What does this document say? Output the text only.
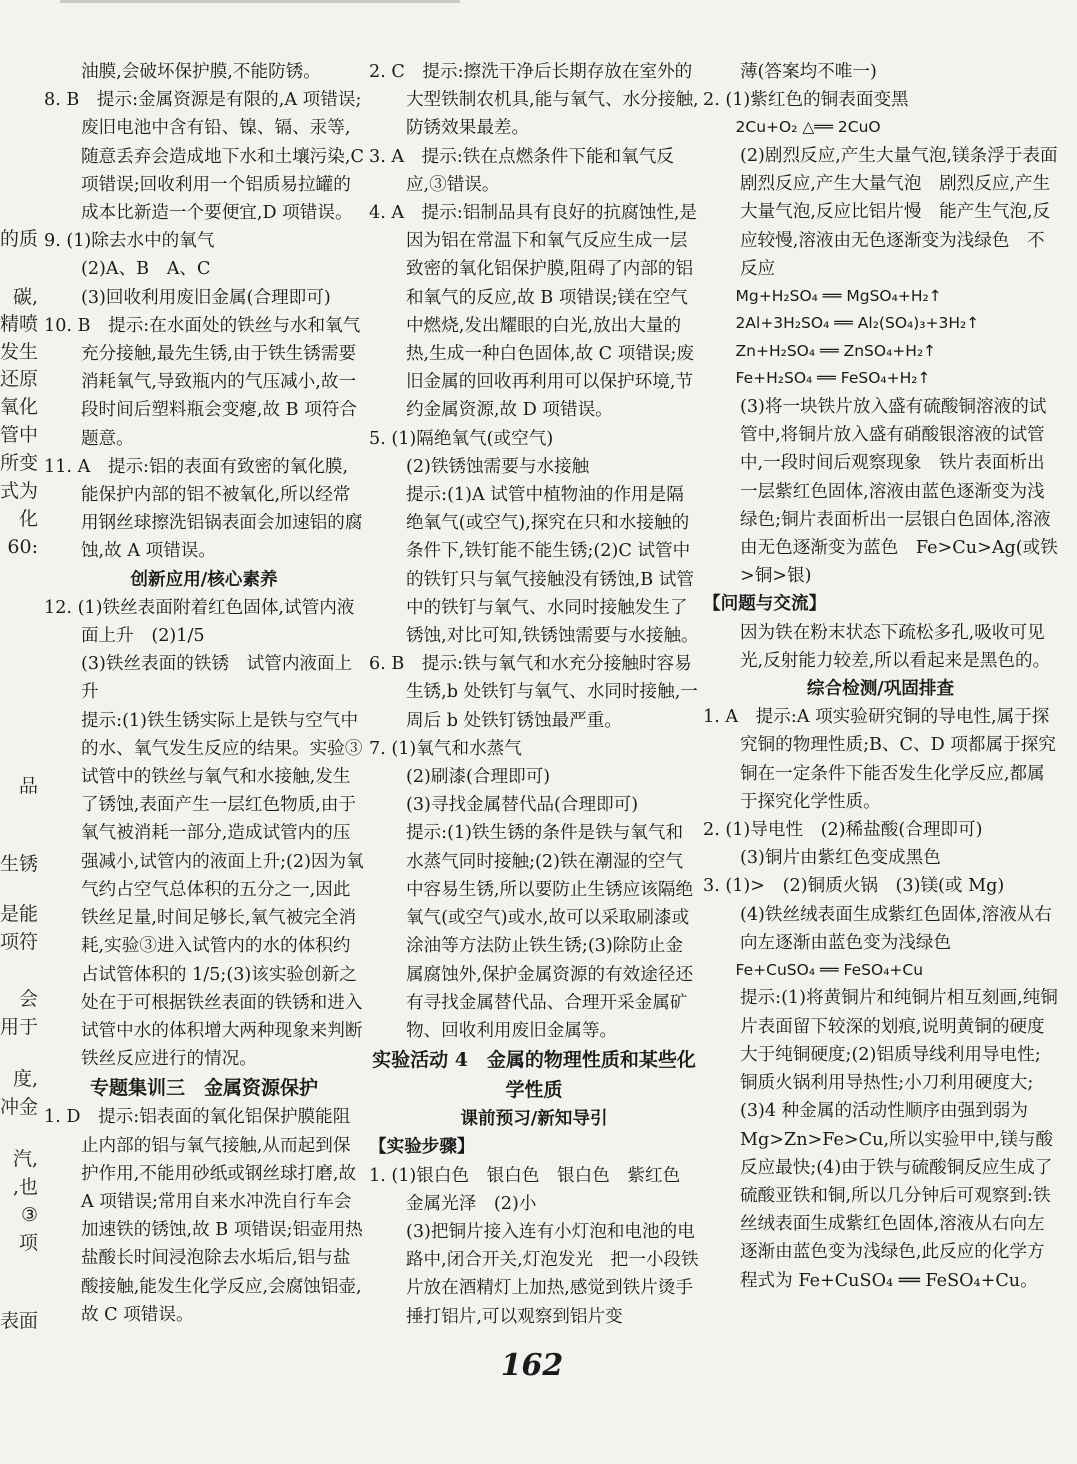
的质
碳,
精喷
发生
还原
氧化
管中
所变
式为
化
60:
品
生锈
是能
项符
会
用于
度,
冲金
汽,
,也
③
项
表面

油膜,会破坏保护膜,不能防锈。

8. B　提示:金属资源是有限的,A 项错误;废旧电池中含有铅、镍、镉、汞等,随意丢弃会造成地下水和土壤污染,C 项错误;回收利用一个铝质易拉罐的成本比新造一个要便宜,D 项错误。

9. (1)除去水中的氧气

(2)A、B　A、C

(3)回收利用废旧金属(合理即可)

10. B　提示:在水面处的铁丝与水和氧气充分接触,最先生锈,由于铁生锈需要消耗氧气,导致瓶内的气压减小,故一段时间后塑料瓶会变瘪,故 B 项符合题意。

11. A　提示:铝的表面有致密的氧化膜,能保护内部的铝不被氧化,所以经常用钢丝球擦洗铝锅表面会加速铝的腐蚀,故 A 项错误。

创新应用/核心素养

12. (1)铁丝表面附着红色固体,试管内液面上升　(2)1/5

(3)铁丝表面的铁锈　试管内液面上升

提示:(1)铁生锈实际上是铁与空气中的水、氧气发生反应的结果。实验③试管中的铁丝与氧气和水接触,发生了锈蚀,表面产生一层红色物质,由于氧气被消耗一部分,造成试管内的压强减小,试管内的液面上升;(2)因为氧气约占空气总体积的五分之一,因此铁丝足量,时间足够长,氧气被完全消耗,实验③进入试管内的水的体积约占试管体积的 1/5;(3)该实验创新之处在于可根据铁丝表面的铁锈和进入试管中水的体积增大两种现象来判断铁丝反应进行的情况。

专题集训三　金属资源保护

1. D　提示:铝表面的氧化铝保护膜能阻止内部的铝与氧气接触,从而起到保护作用,不能用砂纸或钢丝球打磨,故 A 项错误;常用自来水冲洗自行车会加速铁的锈蚀,故 B 项错误;铝壶用热盐酸长时间浸泡除去水垢后,铝与盐酸接触,能发生化学反应,会腐蚀铝壶,故 C 项错误。

2. C　提示:擦洗干净后长期存放在室外的大型铁制农机具,能与氧气、水分接触,防锈效果最差。

3. A　提示:铁在点燃条件下能和氧气反应,③错误。

4. A　提示:铝制品具有良好的抗腐蚀性,是因为铝在常温下和氧气反应生成一层致密的氧化铝保护膜,阻碍了内部的铝和氧气的反应,故 B 项错误;镁在空气中燃烧,发出耀眼的白光,放出大量的热,生成一种白色固体,故 C 项错误;废旧金属的回收再利用可以保护环境,节约金属资源,故 D 项错误。

5. (1)隔绝氧气(或空气)

(2)铁锈蚀需要与水接触

提示:(1)A 试管中植物油的作用是隔绝氧气(或空气),探究在只和水接触的条件下,铁钉能不能生锈;(2)C 试管中的铁钉只与氧气接触没有锈蚀,B 试管中的铁钉与氧气、水同时接触发生了锈蚀,对比可知,铁锈蚀需要与水接触。

6. B　提示:铁与氧气和水充分接触时容易生锈,b 处铁钉与氧气、水同时接触,一周后 b 处铁钉锈蚀最严重。

7. (1)氧气和水蒸气

(2)刷漆(合理即可)

(3)寻找金属替代品(合理即可)

提示:(1)铁生锈的条件是铁与氧气和水蒸气同时接触;(2)铁在潮湿的空气中容易生锈,所以要防止生锈应该隔绝氧气(或空气)或水,故可以采取刷漆或涂油等方法防止铁生锈;(3)除防止金属腐蚀外,保护金属资源的有效途径还有寻找金属替代品、合理开采金属矿物、回收利用废旧金属等。

实验活动 4　金属的物理性质和某些化学性质

课前预习/新知导引

【实验步骤】

1. (1)银白色　银白色　银白色　紫红色　金属光泽　(2)小

(3)把铜片接入连有小灯泡和电池的电路中,闭合开关,灯泡发光　把一小段铁片放在酒精灯上加热,感觉到铁片烫手　捶打铝片,可以观察到铝片变

薄(答案均不唯一)

2. (1)紫红色的铜表面变黑

2Cu+O₂ △══ 2CuO

(2)剧烈反应,产生大量气泡,镁条浮于表面　剧烈反应,产生大量气泡　剧烈反应,产生大量气泡,反应比铝片慢　能产生气泡,反应较慢,溶液由无色逐渐变为浅绿色　不反应

Mg+H₂SO₄ ══ MgSO₄+H₂↑

2Al+3H₂SO₄ ══ Al₂(SO₄)₃+3H₂↑

Zn+H₂SO₄ ══ ZnSO₄+H₂↑

Fe+H₂SO₄ ══ FeSO₄+H₂↑

(3)将一块铁片放入盛有硫酸铜溶液的试管中,将铜片放入盛有硝酸银溶液的试管中,一段时间后观察现象　铁片表面析出一层紫红色固体,溶液由蓝色逐渐变为浅绿色;铜片表面析出一层银白色固体,溶液由无色逐渐变为蓝色　Fe>Cu>Ag(或铁>铜>银)

【问题与交流】

因为铁在粉末状态下疏松多孔,吸收可见光,反射能力较差,所以看起来是黑色的。

综合检测/巩固排查

1. A　提示:A 项实验研究铜的导电性,属于探究铜的物理性质;B、C、D 项都属于探究铜在一定条件下能否发生化学反应,都属于探究化学性质。

2. (1)导电性　(2)稀盐酸(合理即可)

(3)铜片由紫红色变成黑色

3. (1)>　(2)铜质火锅　(3)镁(或 Mg)

(4)铁丝绒表面生成紫红色固体,溶液从右向左逐渐由蓝色变为浅绿色

Fe+CuSO₄ ══ FeSO₄+Cu

提示:(1)将黄铜片和纯铜片相互刻画,纯铜片表面留下较深的划痕,说明黄铜的硬度大于纯铜硬度;(2)铝质导线利用导电性;铜质火锅利用导热性;小刀利用硬度大;(3)4 种金属的活动性顺序由强到弱为 Mg>Zn>Fe>Cu,所以实验甲中,镁与酸反应最快;(4)由于铁与硫酸铜反应生成了硫酸亚铁和铜,所以几分钟后可观察到:铁丝绒表面生成紫红色固体,溶液从右向左逐渐由蓝色变为浅绿色,此反应的化学方程式为 Fe+CuSO₄ ══ FeSO₄+Cu。

162
